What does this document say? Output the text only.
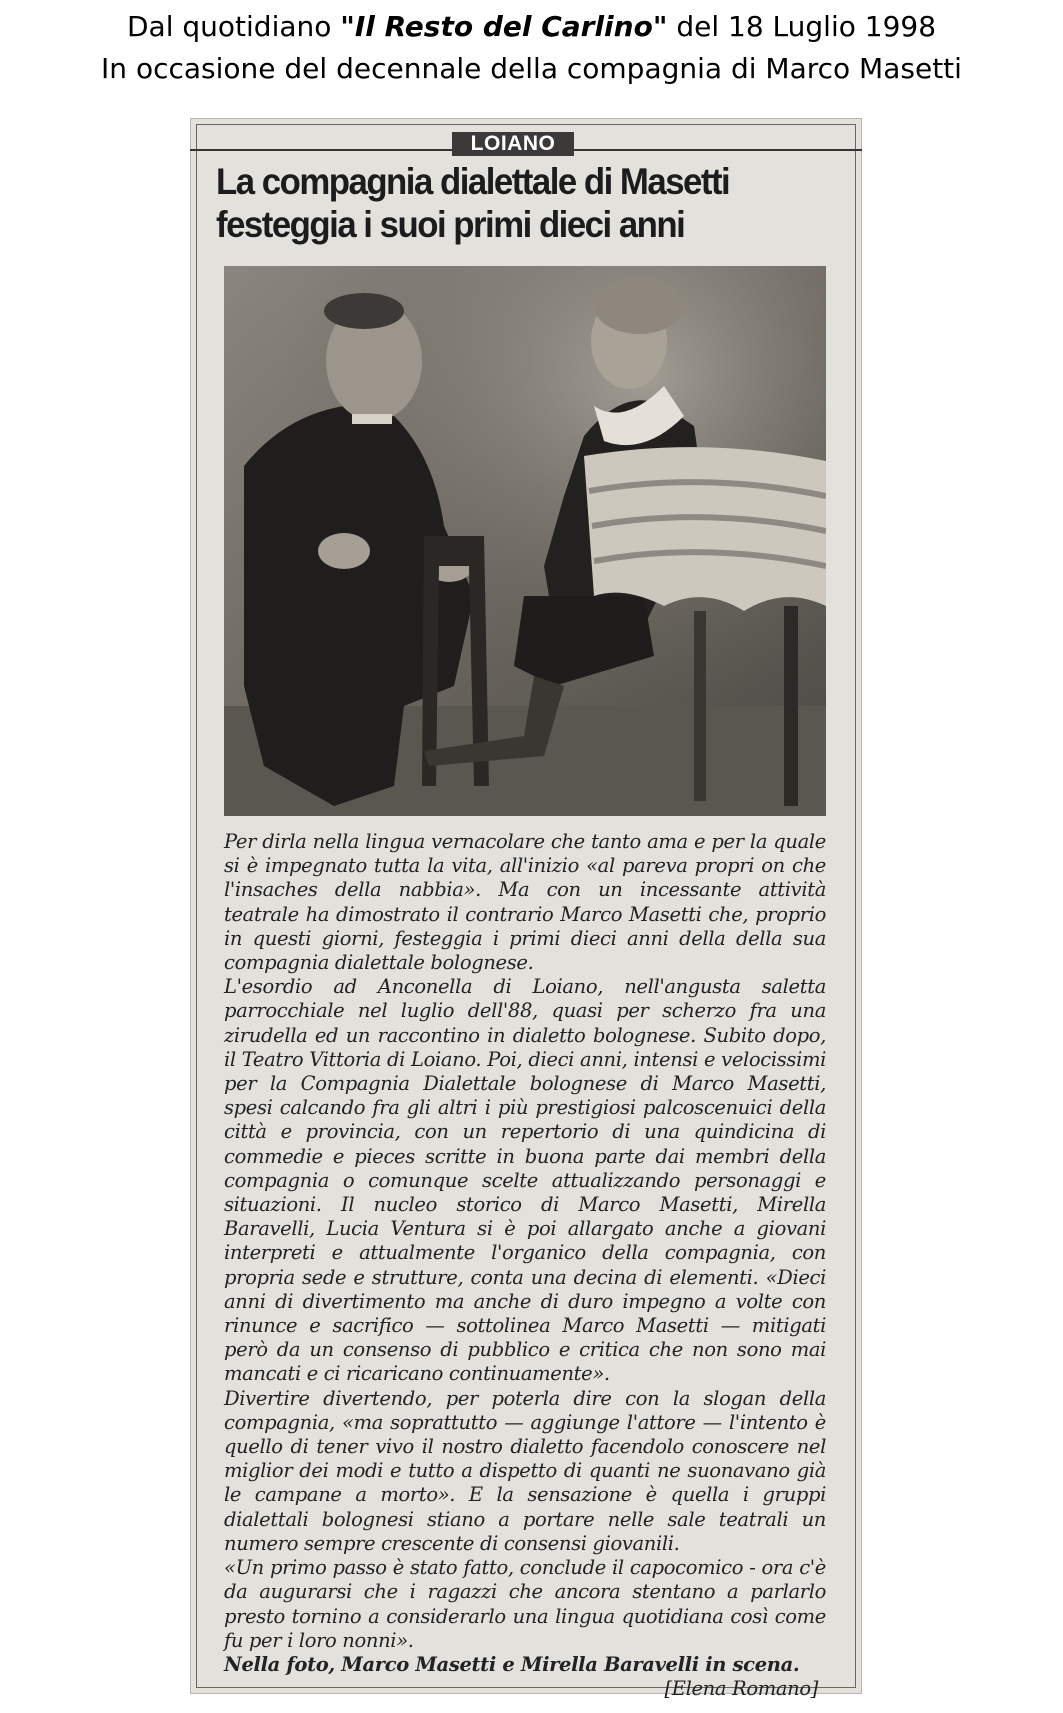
Dal quotidiano "Il Resto del Carlino" del 18 Luglio 1998
In occasione del decennale della compagnia di Marco Masetti
LOIANO
La compagnia dialettale di Masetti
festeggia i suoi primi dieci anni

Per dirla nella lingua vernacolare che tanto ama e per la quale si è impegnato tutta la vita, all'inizio «al pareva propri on che l'insaches della nabbia». Ma con un incessante attività teatrale ha dimostrato il contrario Marco Masetti che, proprio in questi giorni, festeggia i primi dieci anni della della sua compagnia dialettale bolognese.

L'esordio ad Anconella di Loiano, nell'angusta saletta parrocchiale nel luglio dell'88, quasi per scherzo fra una zirudella ed un raccontino in dialetto bolognese. Subito dopo, il Teatro Vittoria di Loiano. Poi, dieci anni, intensi e velocissimi per la Compagnia Dialettale bolognese di Marco Masetti, spesi calcando fra gli altri i più prestigiosi palcoscenuici della città e provincia, con un repertorio di una quindicina di commedie e pieces scritte in buona parte dai membri della compagnia o comunque scelte attualizzando personaggi e situazioni. Il nucleo storico di Marco Masetti, Mirella Baravelli, Lucia Ventura si è poi allargato anche a giovani interpreti e attualmente l'organico della compagnia, con propria sede e strutture, conta una decina di elementi. «Dieci anni di divertimento ma anche di duro impegno a volte con rinunce e sacrifico — sottolinea Marco Masetti — mitigati però da un consenso di pubblico e critica che non sono mai mancati e ci ricaricano continuamente».

Divertire divertendo, per poterla dire con la slogan della compagnia, «ma soprattutto — aggiunge l'attore — l'intento è quello di tener vivo il nostro dialetto facendolo conoscere nel miglior dei modi e tutto a dispetto di quanti ne suonavano già le campane a morto». E la sensazione è quella i gruppi dialettali bolognesi stiano a portare nelle sale teatrali un numero sempre crescente di consensi giovanili.

«Un primo passo è stato fatto, conclude il capocomico - ora c'è da augurarsi che i ragazzi che ancora stentano a parlarlo presto tornino a considerarlo una lingua quotidiana così come fu per i loro nonni».

Nella foto, Marco Masetti e Mirella Baravelli in scena.

[Elena Romano]
